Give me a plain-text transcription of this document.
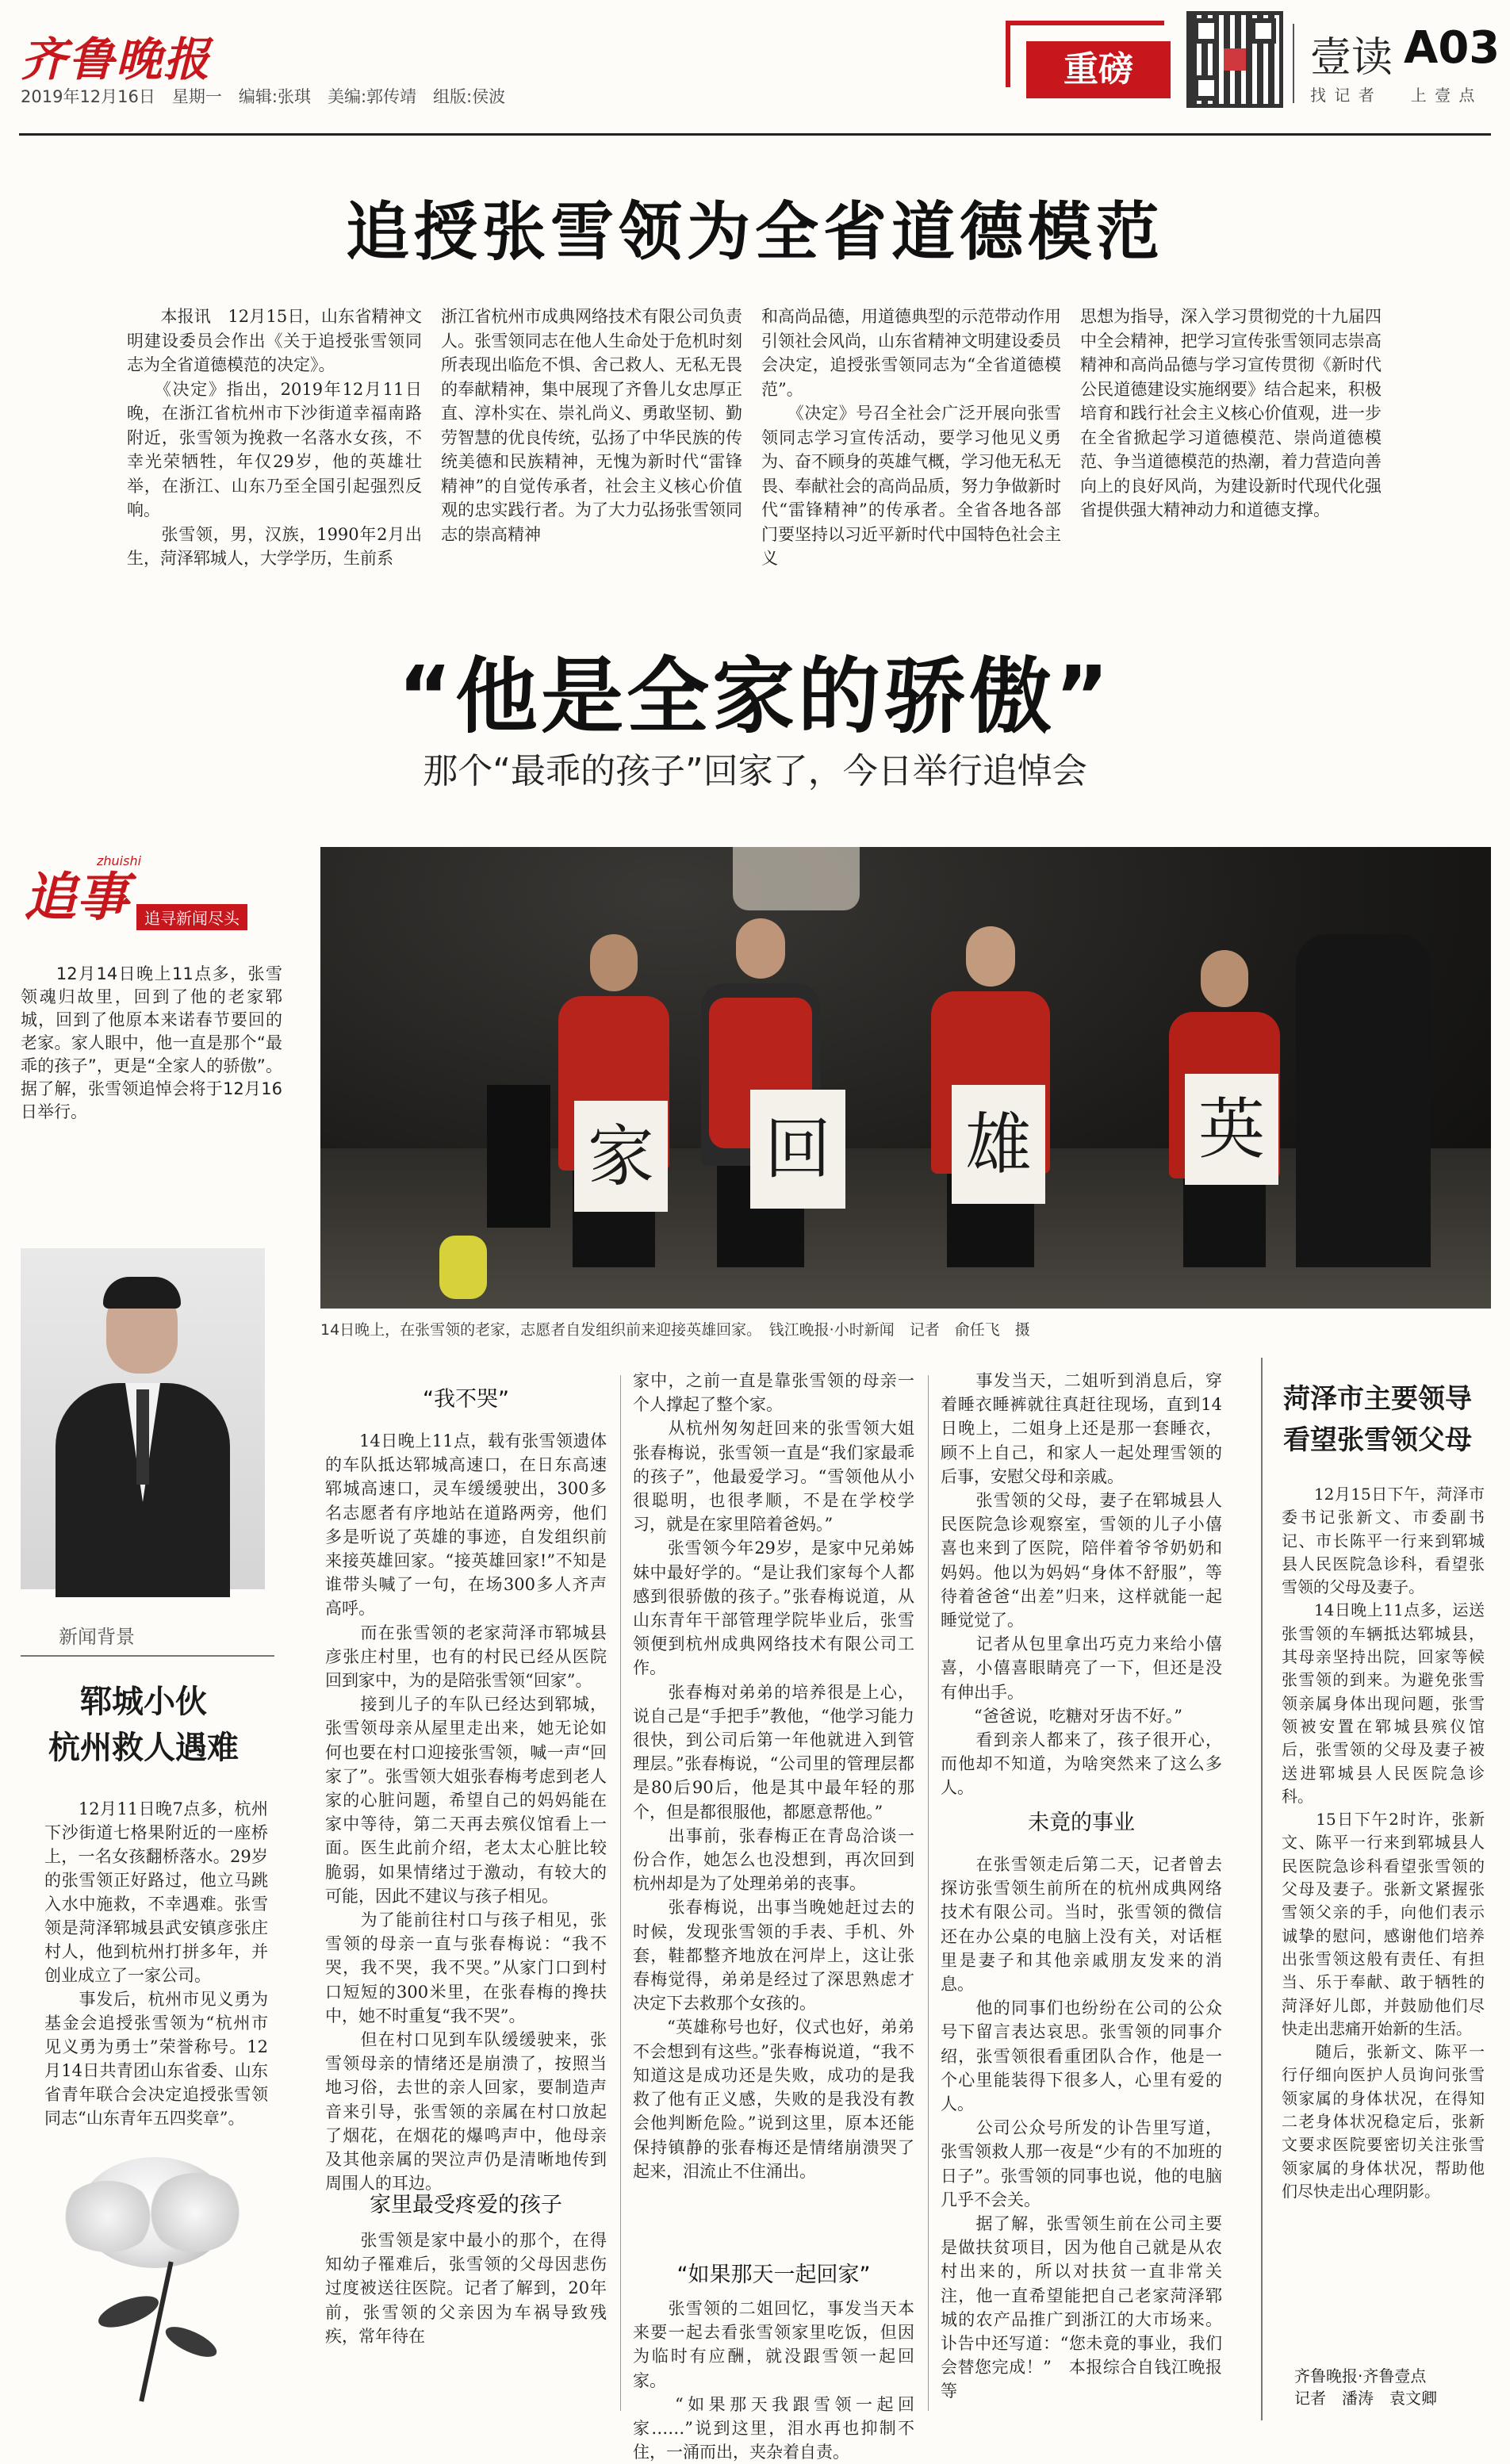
齐鲁晚报
2019年12月16日　星期一　编辑:张琪　美编:郭传靖　组版:侯波
重磅	壹读 A03
找 记 者　　上 壹 点
追授张雪领为全省道德模范
　　本报讯　12月15日，山东省精神文明建设委员会作出《关于追授张雪领同志为全省道德模范的决定》。
　　《决定》指出，2019年12月11日晚，在浙江省杭州市下沙街道幸福南路附近，张雪领为挽救一名落水女孩，不幸光荣牺牲，年仅29岁，他的英雄壮举，在浙江、山东乃至全国引起强烈反响。
　　张雪领，男，汉族，1990年2月出生，菏泽郓城人，大学学历，生前系
浙江省杭州市成典网络技术有限公司负责人。张雪领同志在他人生命处于危机时刻所表现出临危不惧、舍己救人、无私无畏的奉献精神，集中展现了齐鲁儿女忠厚正直、淳朴实在、崇礼尚义、勇敢坚韧、勤劳智慧的优良传统，弘扬了中华民族的传统美德和民族精神，无愧为新时代“雷锋精神”的自觉传承者，社会主义核心价值观的忠实践行者。为了大力弘扬张雪领同志的崇高精神
和高尚品德，用道德典型的示范带动作用引领社会风尚，山东省精神文明建设委员会决定，追授张雪领同志为“全省道德模范”。
　　《决定》号召全社会广泛开展向张雪领同志学习宣传活动，要学习他见义勇为、奋不顾身的英雄气概，学习他无私无畏、奉献社会的高尚品质，努力争做新时代“雷锋精神”的传承者。全省各地各部门要坚持以习近平新时代中国特色社会主义
思想为指导，深入学习贯彻党的十九届四中全会精神，把学习宣传张雪领同志崇高精神和高尚品德与学习宣传贯彻《新时代公民道德建设实施纲要》结合起来，积极培育和践行社会主义核心价值观，进一步在全省掀起学习道德模范、崇尚道德模范、争当道德模范的热潮，着力营造向善向上的良好风尚，为建设新时代现代化强省提供强大精神动力和道德支撑。
“他是全家的骄傲”
那个“最乖的孩子”回家了，今日举行追悼会
zhuishi
追事	追寻新闻尽头
　　12月14日晚上11点多，张雪领魂归故里，回到了他的老家郓城，回到了他原本来诺春节要回的老家。家人眼中，他一直是那个“最乖的孩子”，更是“全家人的骄傲”。据了解，张雪领追悼会将于12月16日举行。
新闻背景
郓城小伙
杭州救人遇难
　　12月11日晚7点多，杭州下沙街道七格果附近的一座桥上，一名女孩翻桥落水。29岁的张雪领正好路过，他立马跳入水中施救，不幸遇难。张雪领是菏泽郓城县武安镇彦张庄村人，他到杭州打拼多年，并创业成立了一家公司。
　　事发后，杭州市见义勇为基金会追授张雪领为“杭州市见义勇为勇士”荣誉称号。12月14日共青团山东省委、山东省青年联合会决定追授张雪领同志“山东青年五四奖章”。
家 回 雄 英
14日晚上，在张雪领的老家，志愿者自发组织前来迎接英雄回家。　钱江晚报·小时新闻　记者　俞任飞　摄
“我不哭”
　　14日晚上11点，载有张雪领遗体的车队抵达郓城高速口，在日东高速郓城高速口，灵车缓缓驶出，300多名志愿者有序地站在道路两旁，他们多是听说了英雄的事迹，自发组织前来接英雄回家。“接英雄回家!”不知是谁带头喊了一句，在场300多人齐声高呼。
　　而在张雪领的老家菏泽市郓城县彦张庄村里，也有的村民已经从医院回到家中，为的是陪张雪领“回家”。
　　接到儿子的车队已经达到郓城，张雪领母亲从屋里走出来，她无论如何也要在村口迎接张雪领，喊一声“回家了”。张雪领大姐张春梅考虑到老人家的心脏问题，希望自己的妈妈能在家中等待，第二天再去殡仪馆看上一面。医生此前介绍，老太太心脏比较脆弱，如果情绪过于激动，有较大的可能，因此不建议与孩子相见。
　　为了能前往村口与孩子相见，张雪领的母亲一直与张春梅说：“我不哭，我不哭，我不哭。”从家门口到村口短短的300米里，在张春梅的搀扶中，她不时重复“我不哭”。
　　但在村口见到车队缓缓驶来，张雪领母亲的情绪还是崩溃了，按照当地习俗，去世的亲人回家，要制造声音来引导，张雪领的亲属在村口放起了烟花，在烟花的爆鸣声中，他母亲及其他亲属的哭泣声仍是清晰地传到周围人的耳边。
家里最受疼爱的孩子
　　张雪领是家中最小的那个，在得知幼子罹难后，张雪领的父母因悲伤过度被送往医院。记者了解到，20年前，张雪领的父亲因为车祸导致残疾，常年待在
家中，之前一直是靠张雪领的母亲一个人撑起了整个家。
　　从杭州匆匆赶回来的张雪领大姐张春梅说，张雪领一直是“我们家最乖的孩子”，他最爱学习。“雪领他从小很聪明，也很孝顺，不是在学校学习，就是在家里陪着爸妈。”
　　张雪领今年29岁，是家中兄弟姊妹中最好学的。“是让我们家每个人都感到很骄傲的孩子。”张春梅说道，从山东青年干部管理学院毕业后，张雪领便到杭州成典网络技术有限公司工作。
　　张春梅对弟弟的培养很是上心，说自己是“手把手”教他，“他学习能力很快，到公司后第一年他就进入到管理层。”张春梅说，“公司里的管理层都是80后90后，他是其中最年轻的那个，但是都很服他，都愿意帮他。”
　　出事前，张春梅正在青岛洽谈一份合作，她怎么也没想到，再次回到杭州却是为了处理弟弟的丧事。
　　张春梅说，出事当晚她赶过去的时候，发现张雪领的手表、手机、外套，鞋都整齐地放在河岸上，这让张春梅觉得，弟弟是经过了深思熟虑才决定下去救那个女孩的。
　　“英雄称号也好，仪式也好，弟弟不会想到有这些。”张春梅说道，“我不知道这是成功还是失败，成功的是我救了他有正义感，失败的是我没有教会他判断危险。”说到这里，原本还能保持镇静的张春梅还是情绪崩溃哭了起来，泪流止不住涌出。
“如果那天一起回家”
　　张雪领的二姐回忆，事发当天本来要一起去看张雪领家里吃饭，但因为临时有应酬，就没跟雪领一起回家。
　　“如果那天我跟雪领一起回家……”说到这里，泪水再也抑制不住，一涌而出，夹杂着自责。
　　事发当天，二姐听到消息后，穿着睡衣睡裤就往真赶往现场，直到14日晚上，二姐身上还是那一套睡衣，顾不上自己，和家人一起处理雪领的后事，安慰父母和亲戚。
　　张雪领的父母，妻子在郓城县人民医院急诊观察室，雪领的儿子小僖喜也来到了医院，陪伴着爷爷奶奶和妈妈。他以为妈妈“身体不舒服”，等待着爸爸“出差”归来，这样就能一起睡觉觉了。
　　记者从包里拿出巧克力来给小僖喜，小僖喜眼睛亮了一下，但还是没有伸出手。
　　“爸爸说，吃糖对牙齿不好。”
　　看到亲人都来了，孩子很开心，而他却不知道，为啥突然来了这么多人。
未竟的事业
　　在张雪领走后第二天，记者曾去探访张雪领生前所在的杭州成典网络技术有限公司。当时，张雪领的微信还在办公桌的电脑上没有关，对话框里是妻子和其他亲戚朋友发来的消息。
　　他的同事们也纷纷在公司的公众号下留言表达哀思。张雪领的同事介绍，张雪领很看重团队合作，他是一个心里能装得下很多人，心里有爱的人。
　　公司公众号所发的讣告里写道，张雪领救人那一夜是“少有的不加班的日子”。张雪领的同事也说，他的电脑几乎不会关。
　　据了解，张雪领生前在公司主要是做扶贫项目，因为他自己就是从农村出来的，所以对扶贫一直非常关注，他一直希望能把自己老家菏泽郓城的农产品推广到浙江的大市场来。讣告中还写道：“您未竟的事业，我们会替您完成！”　本报综合自钱江晚报等
菏泽市主要领导
看望张雪领父母
　　12月15日下午，菏泽市委书记张新文、市委副书记、市长陈平一行来到郓城县人民医院急诊科，看望张雪领的父母及妻子。
　　14日晚上11点多，运送张雪领的车辆抵达郓城县，其母亲坚持出院，回家等候张雪领的到来。为避免张雪领亲属身体出现问题，张雪领被安置在郓城县殡仪馆后，张雪领的父母及妻子被送进郓城县人民医院急诊科。
　　15日下午2时许，张新文、陈平一行来到郓城县人民医院急诊科看望张雪领的父母及妻子。张新文紧握张雪领父亲的手，向他们表示诚挚的慰问，感谢他们培养出张雪领这般有责任、有担当、乐于奉献、敢于牺牲的菏泽好儿郎，并鼓励他们尽快走出悲痛开始新的生活。
　　随后，张新文、陈平一行仔细向医护人员询问张雪领家属的身体状况，在得知二老身体状况稳定后，张新文要求医院要密切关注张雪领家属的身体状况，帮助他们尽快走出心理阴影。
齐鲁晚报·齐鲁壹点
记者　潘涛　袁文卿
